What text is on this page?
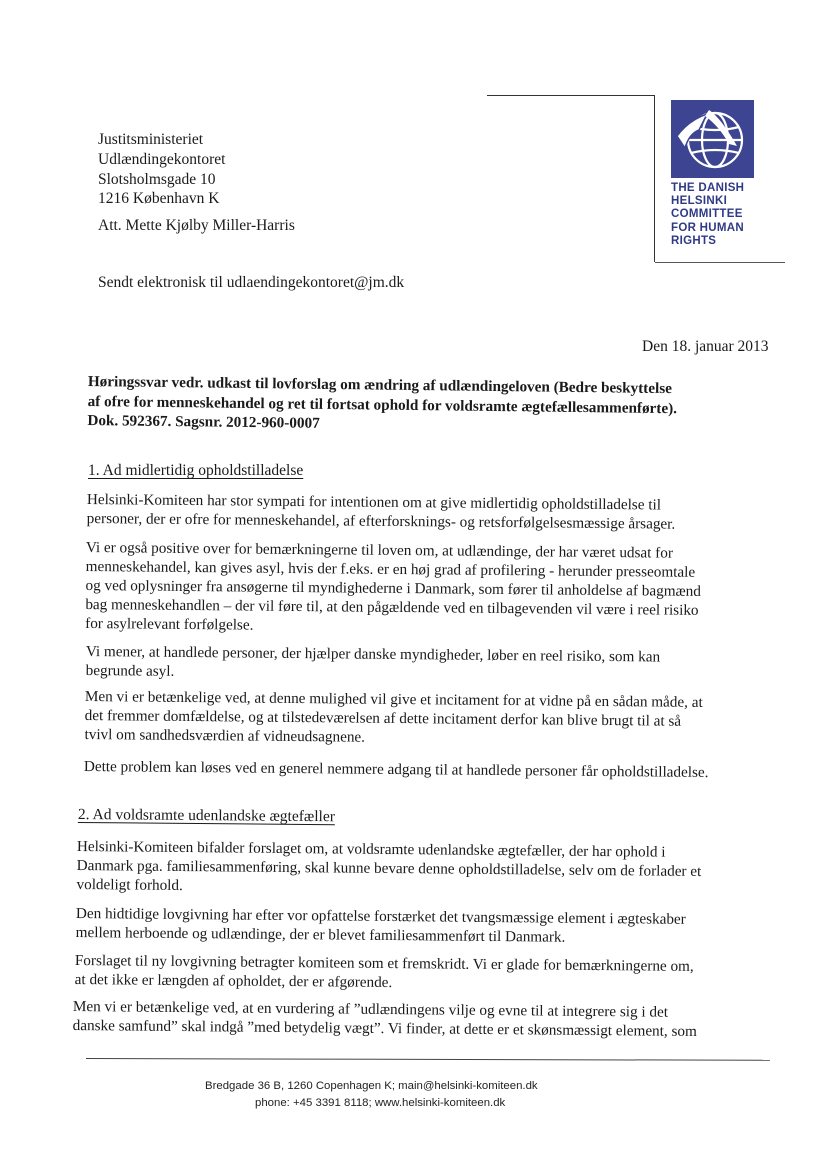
THE DANISH
HELSINKI
COMMITTEE
FOR HUMAN
RIGHTS
Justitsministeriet
Udlændingekontoret
Slotsholmsgade 10
1216 København K
Att. Mette Kjølby Miller-Harris
Sendt elektronisk til udlaendingekontoret@jm.dk
Den 18. januar 2013
Høringssvar vedr. udkast til lovforslag om ændring af udlændingeloven (Bedre beskyttelse
af ofre for menneskehandel og ret til fortsat ophold for voldsramte ægtefællesammenførte).
Dok. 592367. Sagsnr. 2012-960-0007
1. Ad midlertidig opholdstilladelse
Helsinki-Komiteen har stor sympati for intentionen om at give midlertidig opholdstilladelse til
personer, der er ofre for menneskehandel, af efterforsknings- og retsforfølgelsesmæssige årsager.
Vi er også positive over for bemærkningerne til loven om, at udlændinge, der har været udsat for
menneskehandel, kan gives asyl, hvis der f.eks. er en høj grad af profilering - herunder presseomtale
og ved oplysninger fra ansøgerne til myndighederne i Danmark, som fører til anholdelse af bagmænd
bag menneskehandlen – der vil føre til, at den pågældende ved en tilbagevenden vil være i reel risiko
for asylrelevant forfølgelse.
Vi mener, at handlede personer, der hjælper danske myndigheder, løber en reel risiko, som kan
begrunde asyl.
Men vi er betænkelige ved, at denne mulighed vil give et incitament for at vidne på en sådan måde, at
det fremmer domfældelse, og at tilstedeværelsen af dette incitament derfor kan blive brugt til at så
tvivl om sandhedsværdien af vidneudsagnene.
Dette problem kan løses ved en generel nemmere adgang til at handlede personer får opholdstilladelse.
2. Ad voldsramte udenlandske ægtefæller
Helsinki-Komiteen bifalder forslaget om, at voldsramte udenlandske ægtefæller, der har ophold i
Danmark pga. familiesammenføring, skal kunne bevare denne opholdstilladelse, selv om de forlader et
voldeligt forhold.
Den hidtidige lovgivning har efter vor opfattelse forstærket det tvangsmæssige element i ægteskaber
mellem herboende og udlændinge, der er blevet familiesammenført til Danmark.
Forslaget til ny lovgivning betragter komiteen som et fremskridt. Vi er glade for bemærkningerne om,
at det ikke er længden af opholdet, der er afgørende.
Men vi er betænkelige ved, at en vurdering af ”udlændingens vilje og evne til at integrere sig i det
danske samfund” skal indgå ”med betydelig vægt”. Vi finder, at dette er et skønsmæssigt element, som
Bredgade 36 B, 1260 Copenhagen K; main@helsinki-komiteen.dk
phone: +45 3391 8118; www.helsinki-komiteen.dk
